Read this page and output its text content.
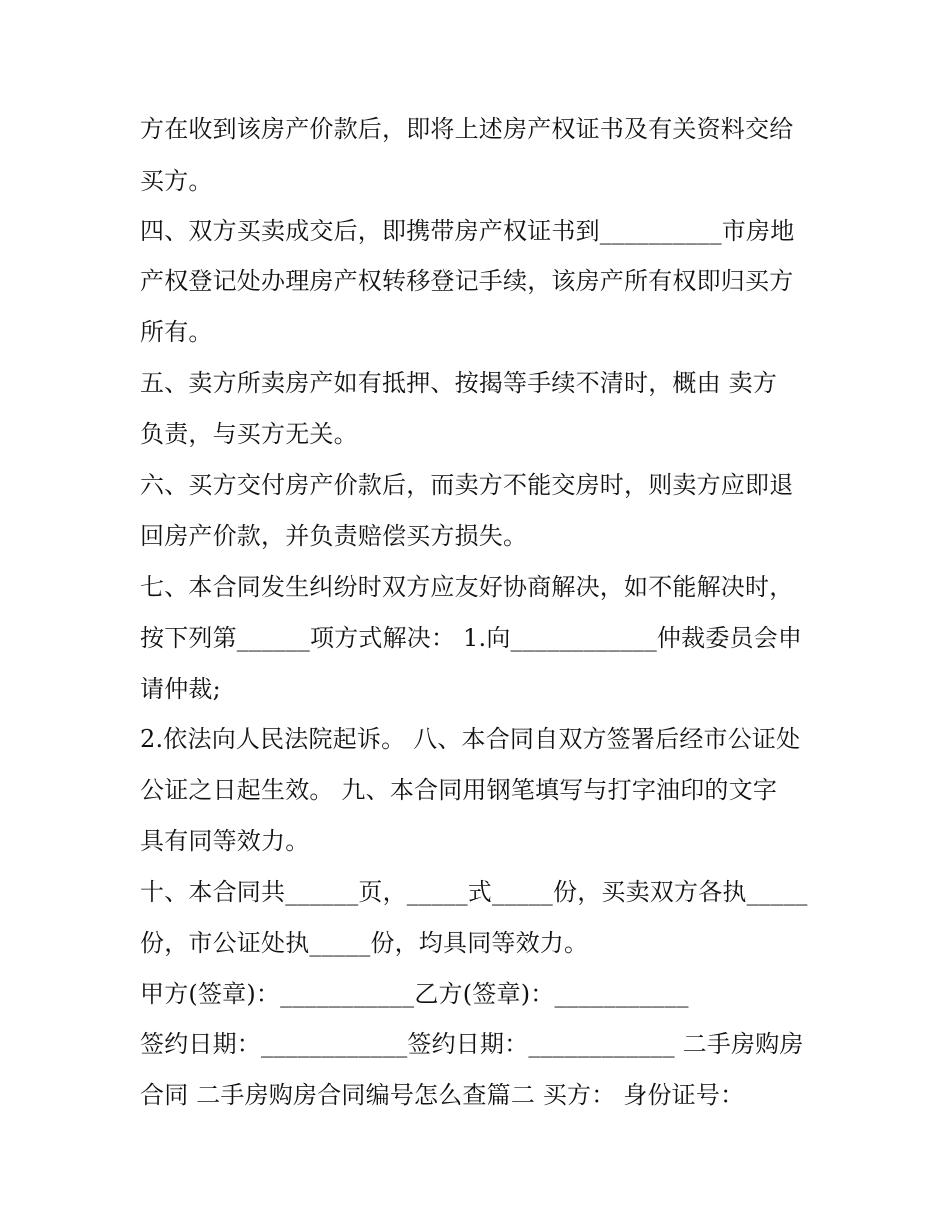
方在收到该房产价款后，即将上述房产权证书及有关资料交给
买方。
四、双方买卖成交后，即携带房产权证书到__________市房地
产权登记处办理房产权转移登记手续，该房产所有权即归买方
所有。
五、卖方所卖房产如有抵押、按揭等手续不清时，概由 卖方
负责，与买方无关。
六、买方交付房产价款后，而卖方不能交房时，则卖方应即退
回房产价款，并负责赔偿买方损失。
七、本合同发生纠纷时双方应友好协商解决，如不能解决时，
按下列第______项方式解决： 1.向____________仲裁委员会申
请仲裁;
2.依法向人民法院起诉。 八、本合同自双方签署后经市公证处
公证之日起生效。 九、本合同用钢笔填写与打字油印的文字
具有同等效力。
十、本合同共______页，_____式_____份，买卖双方各执_____
份，市公证处执_____份，均具同等效力。
甲方(签章)：___________乙方(签章)：___________
签约日期：____________签约日期：____________ 二手房购房
合同 二手房购房合同编号怎么查篇二 买方： 身份证号：
